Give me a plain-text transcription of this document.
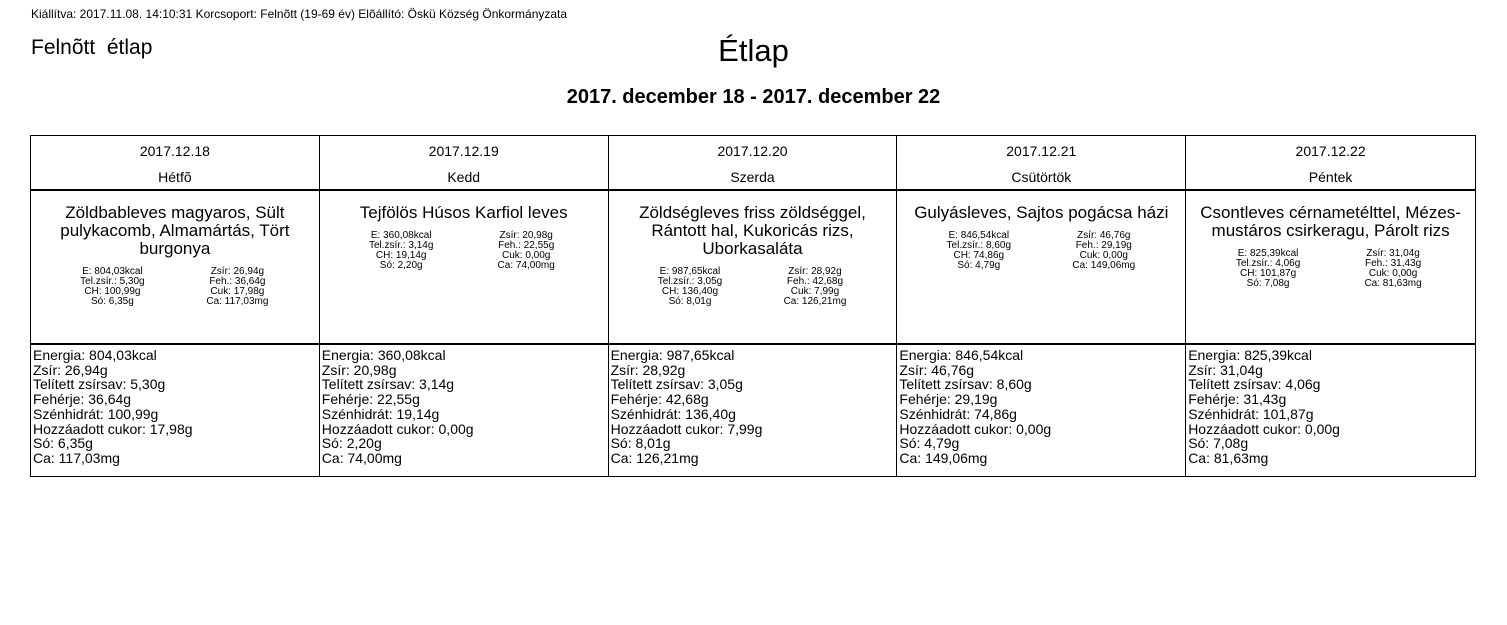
Kiállítva: 2017.11.08. 14:10:31 Korcsoport: Felnõtt (19-69 év) Elõállító: Öskü Község Önkormányzata
Felnõtt  étlap	Étlap
2017. december 18 - 2017. december 22
2017.12.18
Hétfõ
2017.12.19
Kedd
2017.12.20
Szerda
2017.12.21
Csütörtök
2017.12.22
Péntek
Zöldbableves magyaros, Sült pulykacomb, Almamártás, Tört burgonya
E: 804,03kcal
Tel.zsír.: 5,30g
CH: 100,99g
Só: 6,35g
Zsír: 26,94g
Feh.: 36,64g
Cuk: 17,98g
Ca: 117,03mg
Tejfölös Húsos Karfiol leves
E: 360,08kcal
Tel.zsír.: 3,14g
CH: 19,14g
Só: 2,20g
Zsír: 20,98g
Feh.: 22,55g
Cuk: 0,00g
Ca: 74,00mg
Zöldségleves friss zöldséggel, Rántott hal, Kukoricás rizs, Uborkasaláta
E: 987,65kcal
Tel.zsír.: 3,05g
CH: 136,40g
Só: 8,01g
Zsír: 28,92g
Feh.: 42,68g
Cuk: 7,99g
Ca: 126,21mg
Gulyásleves, Sajtos pogácsa házi
E: 846,54kcal
Tel.zsír.: 8,60g
CH: 74,86g
Só: 4,79g
Zsír: 46,76g
Feh.: 29,19g
Cuk: 0,00g
Ca: 149,06mg
Csontleves cérnametélttel, Mézes-mustáros csirkeragu, Párolt rizs
E: 825,39kcal
Tel.zsír.: 4,06g
CH: 101,87g
Só: 7,08g
Zsír: 31,04g
Feh.: 31,43g
Cuk: 0,00g
Ca: 81,63mg
Energia: 804,03kcal
Zsír: 26,94g
Telített zsírsav: 5,30g
Fehérje: 36,64g
Szénhidrát: 100,99g
Hozzáadott cukor: 17,98g
Só: 6,35g
Ca: 117,03mg
Energia: 360,08kcal
Zsír: 20,98g
Telített zsírsav: 3,14g
Fehérje: 22,55g
Szénhidrát: 19,14g
Hozzáadott cukor: 0,00g
Só: 2,20g
Ca: 74,00mg
Energia: 987,65kcal
Zsír: 28,92g
Telített zsírsav: 3,05g
Fehérje: 42,68g
Szénhidrát: 136,40g
Hozzáadott cukor: 7,99g
Só: 8,01g
Ca: 126,21mg
Energia: 846,54kcal
Zsír: 46,76g
Telített zsírsav: 8,60g
Fehérje: 29,19g
Szénhidrát: 74,86g
Hozzáadott cukor: 0,00g
Só: 4,79g
Ca: 149,06mg
Energia: 825,39kcal
Zsír: 31,04g
Telített zsírsav: 4,06g
Fehérje: 31,43g
Szénhidrát: 101,87g
Hozzáadott cukor: 0,00g
Só: 7,08g
Ca: 81,63mg
